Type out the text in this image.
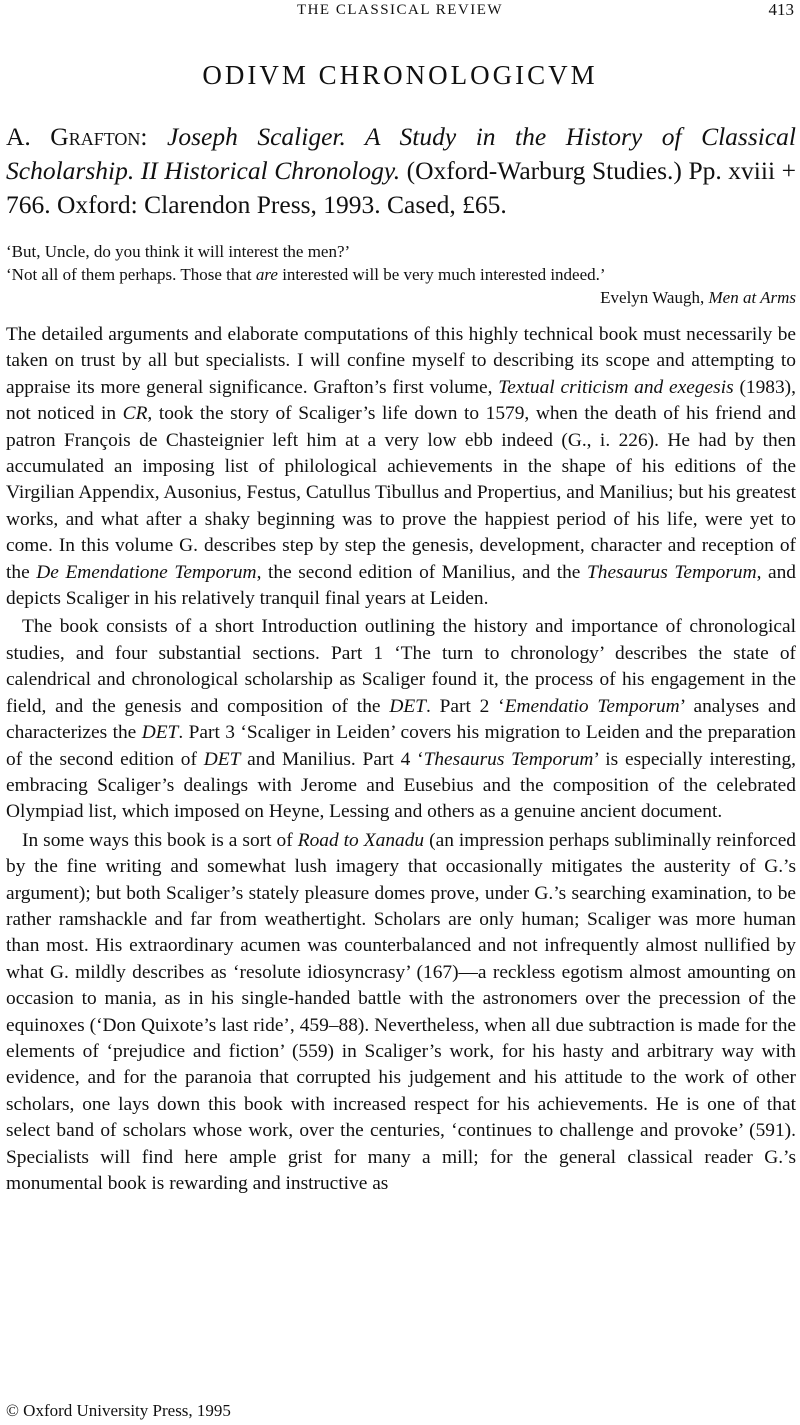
THE CLASSICAL REVIEW	413
ODIVM CHRONOLOGICVM
A. Grafton: Joseph Scaliger. A Study in the History of Classical Scholarship. II Historical Chronology. (Oxford-Warburg Studies.) Pp. xviii + 766. Oxford: Clarendon Press, 1993. Cased, £65.
‘But, Uncle, do you think it will interest the men?’
‘Not all of them perhaps. Those that are interested will be very much interested indeed.’
Evelyn Waugh, Men at Arms

The detailed arguments and elaborate computations of this highly technical book must necessarily be taken on trust by all but specialists. I will confine myself to describing its scope and attempting to appraise its more general significance. Grafton’s first volume, Textual criticism and exegesis (1983), not noticed in CR, took the story of Scaliger’s life down to 1579, when the death of his friend and patron François de Chasteignier left him at a very low ebb indeed (G., i. 226). He had by then accumulated an imposing list of philological achievements in the shape of his editions of the Virgilian Appendix, Ausonius, Festus, Catullus Tibullus and Propertius, and Manilius; but his greatest works, and what after a shaky beginning was to prove the happiest period of his life, were yet to come. In this volume G. describes step by step the genesis, development, character and reception of the De Emendatione Temporum, the second edition of Manilius, and the Thesaurus Temporum, and depicts Scaliger in his relatively tranquil final years at Leiden.

The book consists of a short Introduction outlining the history and importance of chronological studies, and four substantial sections. Part 1 ‘The turn to chronology’ describes the state of calendrical and chronological scholarship as Scaliger found it, the process of his engagement in the field, and the genesis and composition of the DET. Part 2 ‘Emendatio Temporum’ analyses and characterizes the DET. Part 3 ‘Scaliger in Leiden’ covers his migration to Leiden and the preparation of the second edition of DET and Manilius. Part 4 ‘Thesaurus Temporum’ is especially interesting, embracing Scaliger’s dealings with Jerome and Eusebius and the composition of the celebrated Olympiad list, which imposed on Heyne, Lessing and others as a genuine ancient document.

In some ways this book is a sort of Road to Xanadu (an impression perhaps subliminally reinforced by the fine writing and somewhat lush imagery that occasionally mitigates the austerity of G.’s argument); but both Scaliger’s stately pleasure domes prove, under G.’s searching examination, to be rather ramshackle and far from weathertight. Scholars are only human; Scaliger was more human than most. His extraordinary acumen was counterbalanced and not infrequently almost nullified by what G. mildly describes as ‘resolute idiosyncrasy’ (167)—a reckless egotism almost amounting on occasion to mania, as in his single-handed battle with the astronomers over the precession of the equinoxes (‘Don Quixote’s last ride’, 459–88). Nevertheless, when all due subtraction is made for the elements of ‘prejudice and fiction’ (559) in Scaliger’s work, for his hasty and arbitrary way with evidence, and for the paranoia that corrupted his judgement and his attitude to the work of other scholars, one lays down this book with increased respect for his achievements. He is one of that select band of scholars whose work, over the centuries, ‘continues to challenge and provoke’ (591). Specialists will find here ample grist for many a mill; for the general classical reader G.’s monumental book is rewarding and instructive as

© Oxford University Press, 1995
